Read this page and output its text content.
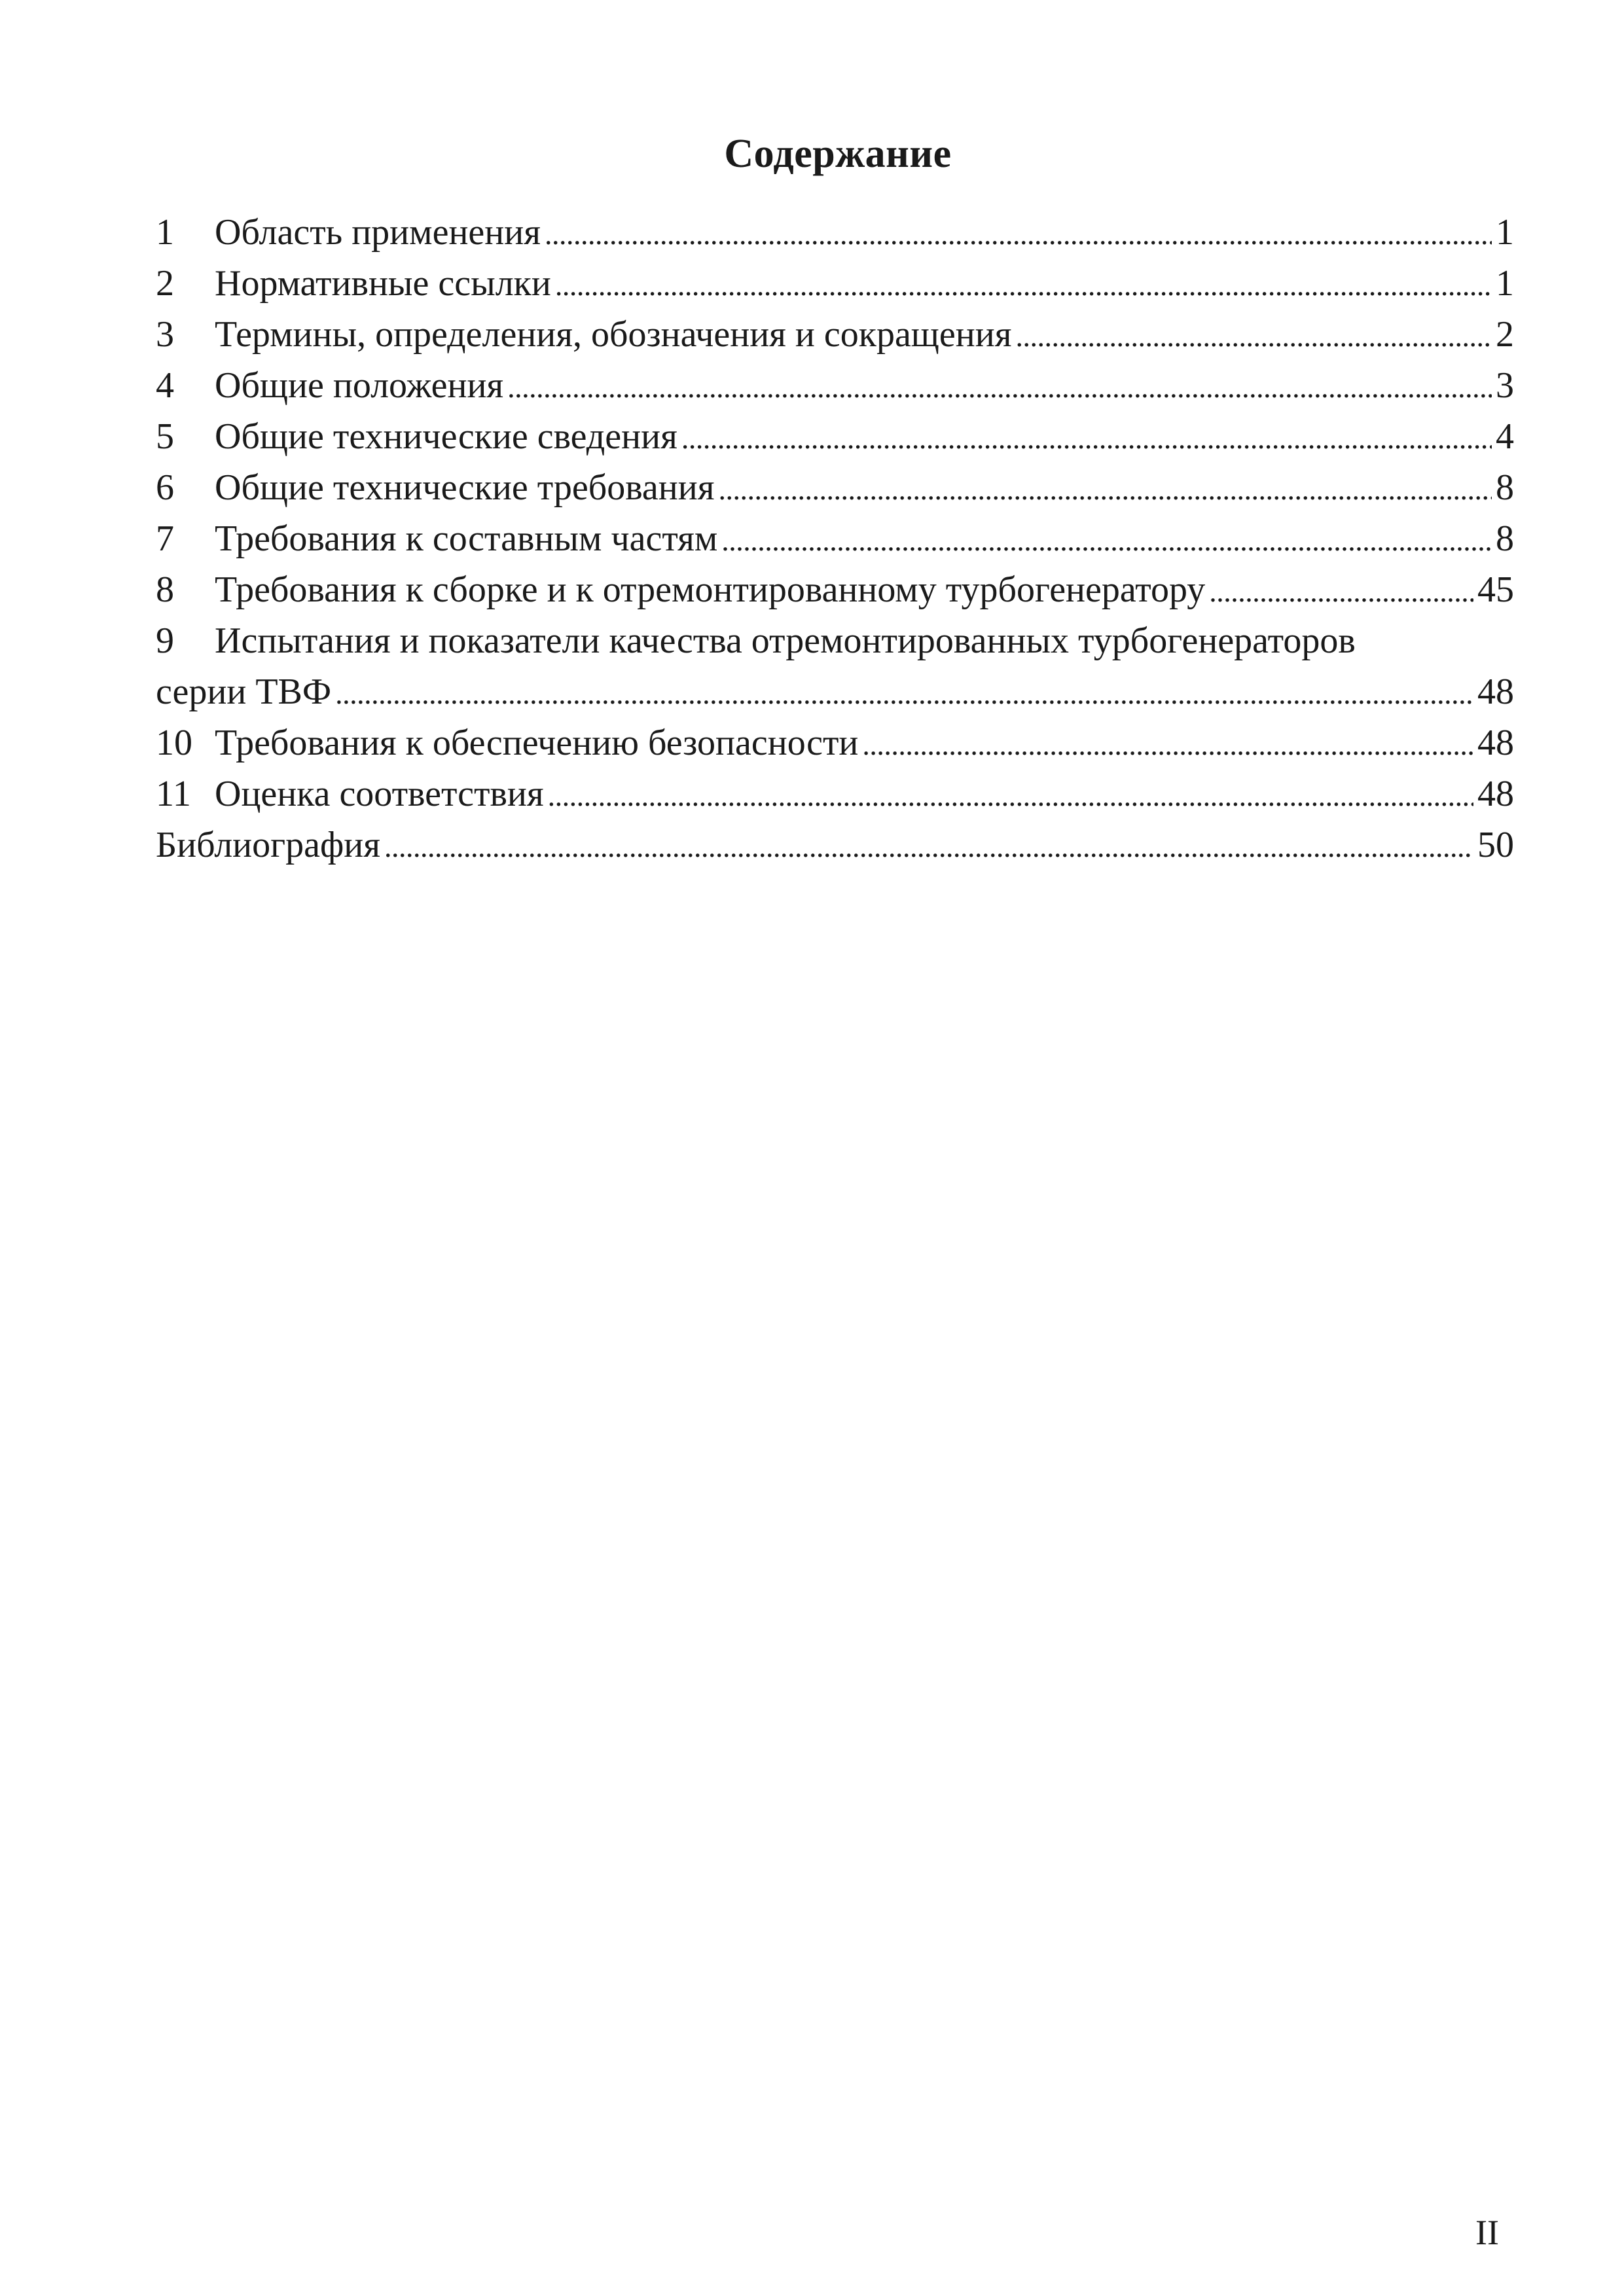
Содержание
1	Область применения . . .	1
2	Нормативные ссылки . . .	1
3	Термины, определения, обозначения и сокращения . . .	2
4	Общие положения . . .	3
5	Общие технические сведения . . .	4
6	Общие технические требования . . .	8
7	Требования к составным частям . . .	8
8	Требования к сборке и к отремонтированному турбогенератору . . .	45
9	Испытания и показатели качества отремонтированных турбогенераторов
серии ТВФ . . .	48
10 Требования к обеспечению безопасности . . .	48
11 Оценка соответствия . . .	48
Библиография . . .	50
II
